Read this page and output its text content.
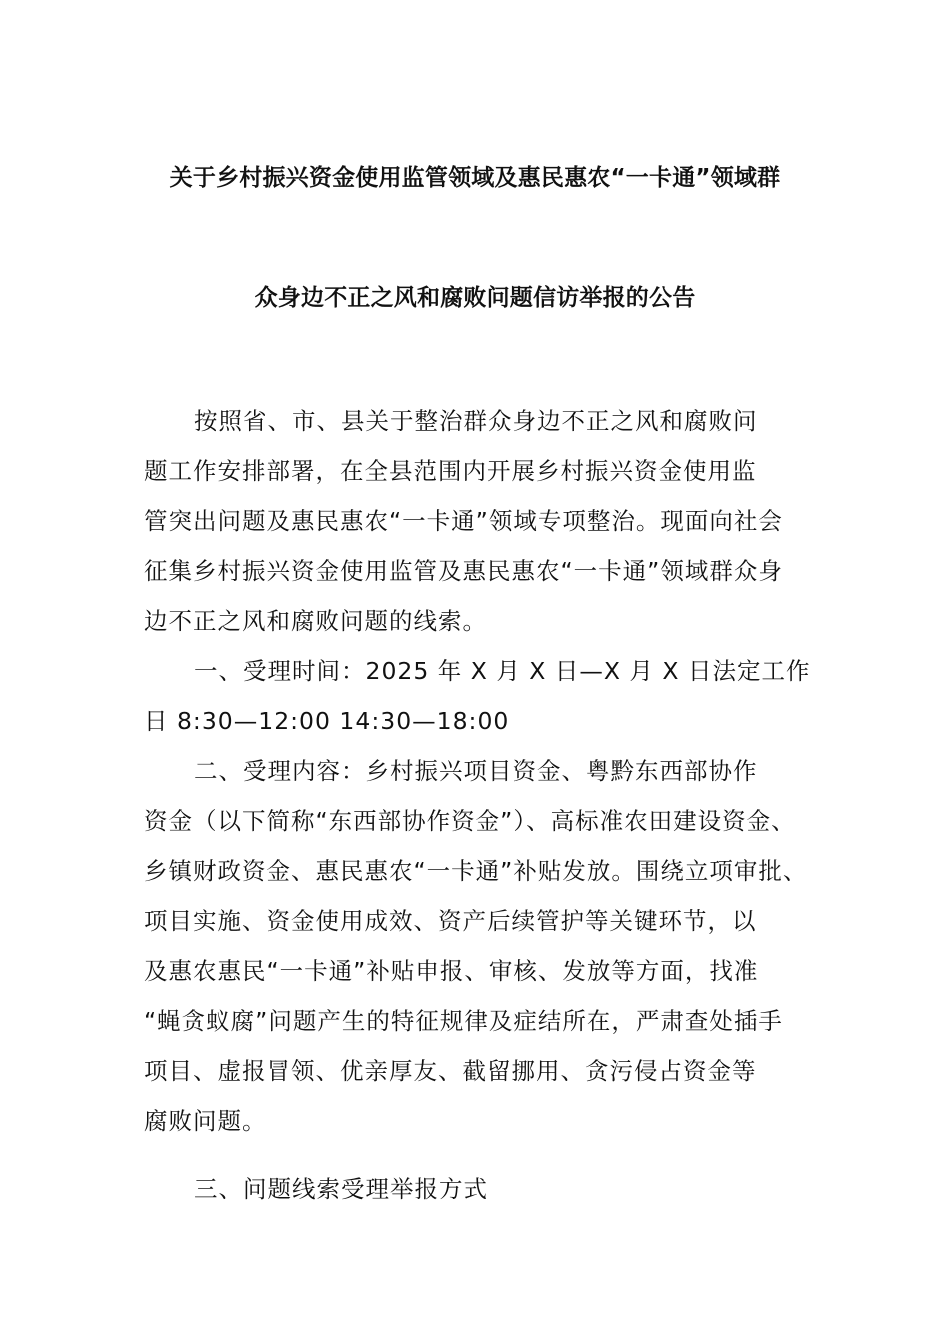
关于乡村振兴资金使用监管领域及惠民惠农“一卡通”领域群
众身边不正之风和腐败问题信访举报的公告
按照省、市、县关于整治群众身边不正之风和腐败问
题工作安排部署，在全县范围内开展乡村振兴资金使用监
管突出问题及惠民惠农“一卡通”领域专项整治。现面向社会
征集乡村振兴资金使用监管及惠民惠农“一卡通”领域群众身
边不正之风和腐败问题的线索。
一、受理时间：2025 年 X 月 X 日—X 月 X 日法定工作
日 8:30—12:00 14:30—18:00
二、受理内容：乡村振兴项目资金、粤黔东西部协作
资金（以下简称“东西部协作资金”）、高标准农田建设资金、
乡镇财政资金、惠民惠农“一卡通”补贴发放。围绕立项审批、
项目实施、资金使用成效、资产后续管护等关键环节，以
及惠农惠民“一卡通”补贴申报、审核、发放等方面，找准
“蝇贪蚁腐”问题产生的特征规律及症结所在，严肃查处插手
项目、虚报冒领、优亲厚友、截留挪用、贪污侵占资金等
腐败问题。
三、问题线索受理举报方式
